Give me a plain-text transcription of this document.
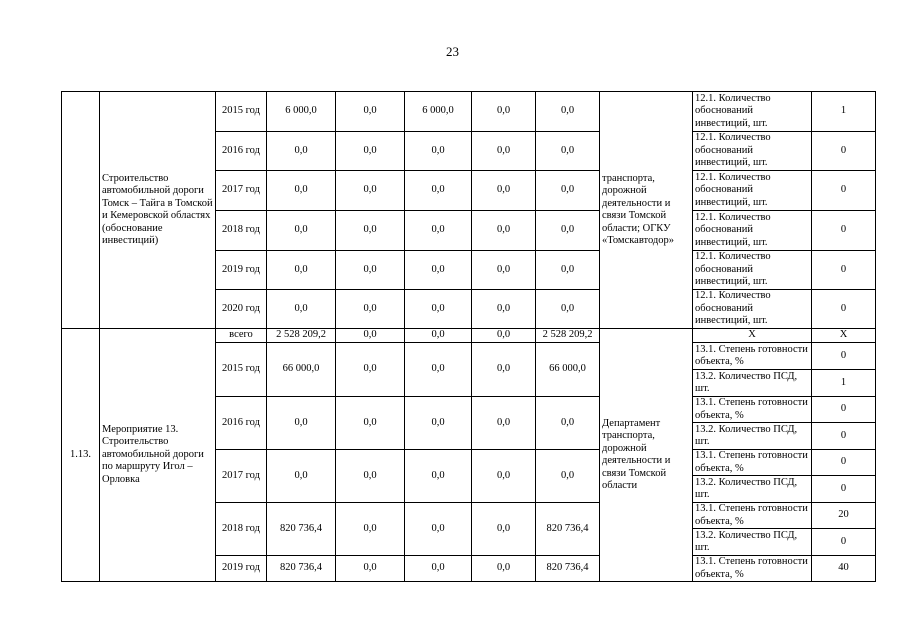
23
	Строительство автомобильной дороги Томск – Тайга в Томской и Кемеровской областях (обоснование инвестиций)	2015 год	6 000,0	0,0	6 000,0	0,0	0,0	транспорта, дорожной деятельности и связи Томской области; ОГКУ «Томскавтодор»	12.1. Количество обоснований инвестиций, шт.	1
		2016 год	0,0	0,0	0,0	0,0	0,0		12.1. Количество обоснований инвестиций, шт.	0
		2017 год	0,0	0,0	0,0	0,0	0,0		12.1. Количество обоснований инвестиций, шт.	0
		2018 год	0,0	0,0	0,0	0,0	0,0		12.1. Количество обоснований инвестиций, шт.	0
		2019 год	0,0	0,0	0,0	0,0	0,0		12.1. Количество обоснований инвестиций, шт.	0
		2020 год	0,0	0,0	0,0	0,0	0,0		12.1. Количество обоснований инвестиций, шт.	0
1.13.	Мероприятие 13. Строительство автомобильной дороги по маршруту Игол – Орловка	всего	2 528 209,2	0,0	0,0	0,0	2 528 209,2	Департамент транспорта, дорожной деятельности и связи Томской области	X	X
		2015 год	66 000,0	0,0	0,0	0,0	66 000,0		13.1. Степень готовности объекта, %	0
									13.2. Количество ПСД, шт.	1
		2016 год	0,0	0,0	0,0	0,0	0,0		13.1. Степень готовности объекта, %	0
									13.2. Количество ПСД, шт.	0
		2017 год	0,0	0,0	0,0	0,0	0,0		13.1. Степень готовности объекта, %	0
									13.2. Количество ПСД, шт.	0
		2018 год	820 736,4	0,0	0,0	0,0	820 736,4		13.1. Степень готовности объекта, %	20
									13.2. Количество ПСД, шт.	0
		2019 год	820 736,4	0,0	0,0	0,0	820 736,4		13.1. Степень готовности объекта, %	40
